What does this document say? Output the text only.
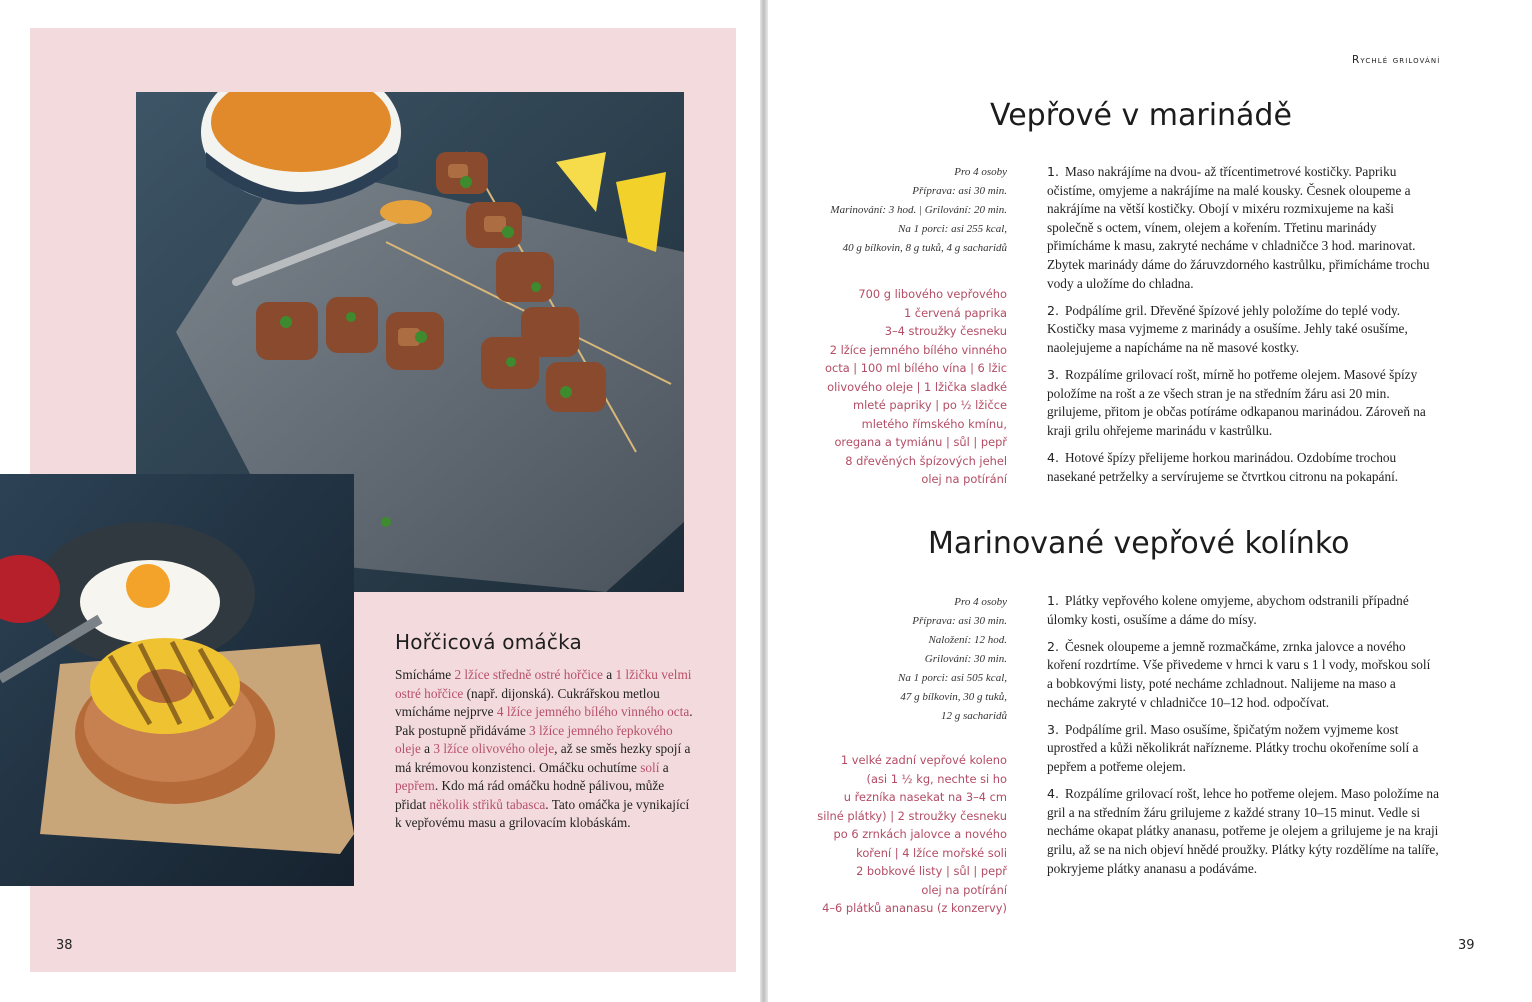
Hořčicová omáčka

Smícháme 2 lžíce středně ostré hořčice a 1 lžičku velmi ostré hořčice (např. dijonská). Cukrářskou metlou vmícháme nejprve 4 lžíce jemného bílého vinného octa. Pak postupně přidáváme 3 lžíce jemného řepkového oleje a 3 lžíce olivového oleje, až se směs hezky spojí a má krémovou konzistenci. Omáčku ochutíme solí a pepřem. Kdo má rád omáčku hodně pálivou, může přidat několik střiků tabasca. Tato omáčka je vynikající k vepřovému masu a grilovacím klobáskám.

38
Rychlé grilování
Vepřové v marinádě
Pro 4 osoby
Příprava: asi 30 min.
Marinování: 3 hod. | Grilování: 20 min.
Na 1 porci: asi 255 kcal,
40 g bílkovin, 8 g tuků, 4 g sacharidů
700 g libového vepřového
1 červená paprika
3–4 stroužky česneku
2 lžíce jemného bílého vinného
octa | 100 ml bílého vína | 6 lžic
olivového oleje | 1 lžička sladké
mleté papriky | po ½ lžičce
mletého římského kmínu,
oregana a tymiánu | sůl | pepř
8 dřevěných špízových jehel
olej na potírání

1. Maso nakrájíme na dvou- až třícentimetrové kostičky. Papriku očistíme, omyjeme a nakrájíme na malé kousky. Česnek oloupeme a nakrájíme na větší kostičky. Obojí v mixéru rozmixujeme na kaši společně s octem, vínem, olejem a kořením. Třetinu marinády přimícháme k masu, zakryté necháme v chladničce 3 hod. marinovat. Zbytek marinády dáme do žáruvzdorného kastrůlku, přimícháme trochu vody a uložíme do chladna.

2. Podpálíme gril. Dřevěné špízové jehly položíme do teplé vody. Kostičky masa vyjmeme z marinády a osušíme. Jehly také osušíme, naolejujeme a napícháme na ně masové kostky.

3. Rozpálíme grilovací rošt, mírně ho potřeme olejem. Masové špízy položíme na rošt a ze všech stran je na středním žáru asi 20 min. grilujeme, přitom je občas potíráme odkapanou marinádou. Zároveň na kraji grilu ohřejeme marinádu v kastrůlku.

4. Hotové špízy přelijeme horkou marinádou. Ozdobíme trochou nasekané petrželky a servírujeme se čtvrtkou citronu na pokapání.

Marinované vepřové kolínko
Pro 4 osoby
Příprava: asi 30 min.
Naložení: 12 hod.
Grilování: 30 min.
Na 1 porci: asi 505 kcal,
47 g bílkovin, 30 g tuků,
12 g sacharidů
1 velké zadní vepřové koleno
(asi 1 ½ kg, nechte si ho
u řezníka nasekat na 3–4 cm
silné plátky) | 2 stroužky česneku
po 6 zrnkách jalovce a nového
koření | 4 lžíce mořské soli
2 bobkové listy | sůl | pepř
olej na potírání
4–6 plátků ananasu (z konzervy)

1. Plátky vepřového kolene omyjeme, abychom odstranili případné úlomky kosti, osušíme a dáme do mísy.

2. Česnek oloupeme a jemně rozmačkáme, zrnka jalovce a nového koření rozdrtíme. Vše přivedeme v hrnci k varu s 1 l vody, mořskou solí a bobkovými listy, poté necháme zchladnout. Nalijeme na maso a necháme zakryté v chladničce 10–12 hod. odpočívat.

3. Podpálíme gril. Maso osušíme, špičatým nožem vyjmeme kost uprostřed a kůži několikrát nařízneme. Plátky trochu okořeníme solí a pepřem a potřeme olejem.

4. Rozpálíme grilovací rošt, lehce ho potřeme olejem. Maso položíme na gril a na středním žáru grilujeme z každé strany 10–15 minut. Vedle si necháme okapat plátky ananasu, potřeme je olejem a grilujeme je na kraji grilu, až se na nich objeví hnědé proužky. Plátky kýty rozdělíme na talíře, pokryjeme plátky ananasu a podáváme.

39
